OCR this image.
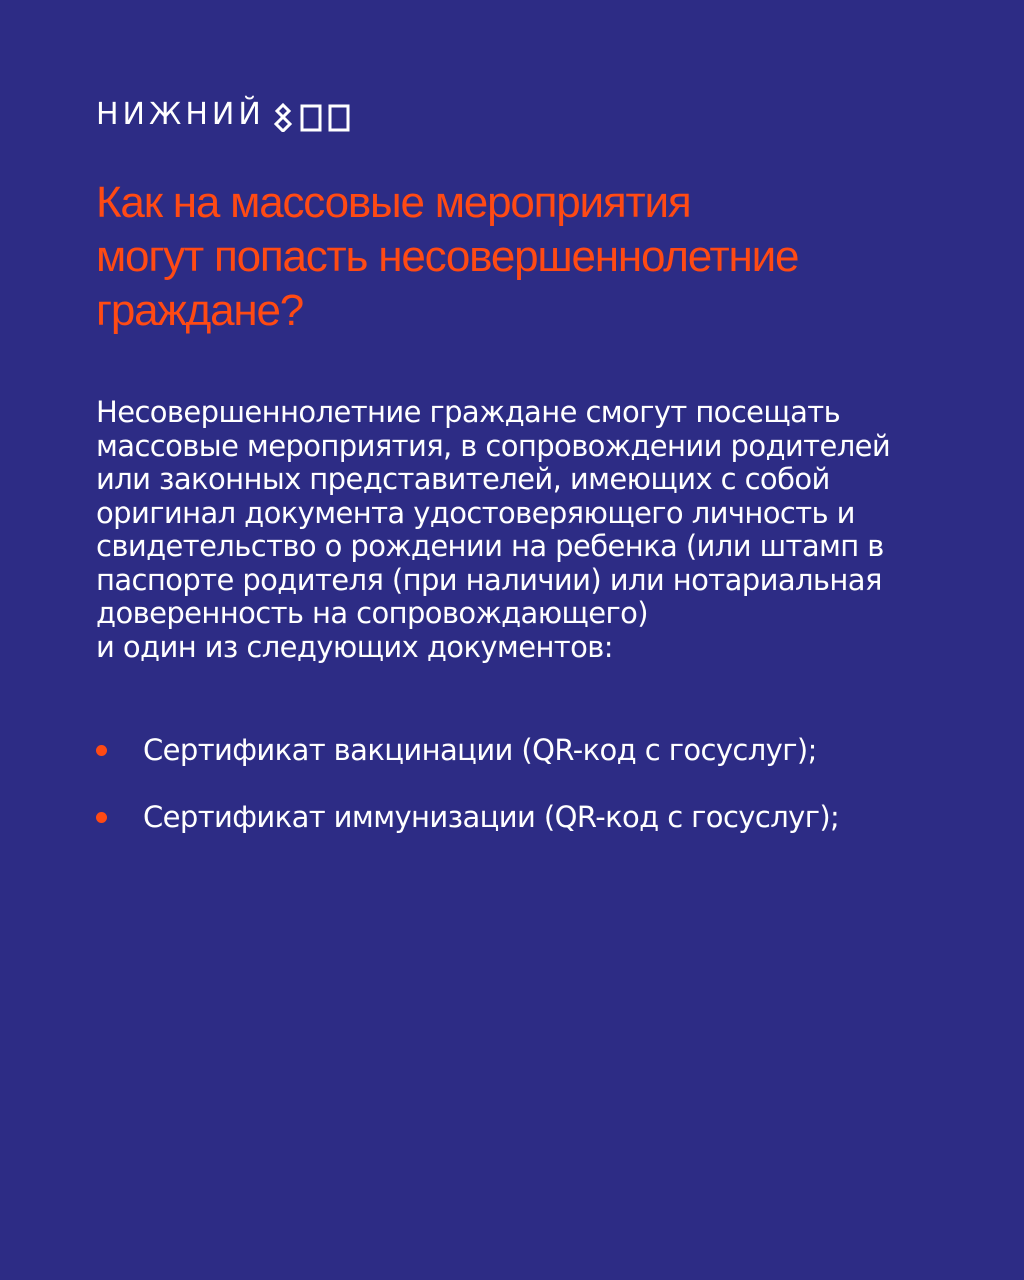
НИЖНИЙ
Как на массовые мероприятия
могут попасть несовершеннолетние
граждане?
Несовершеннолетние граждане смогут посещать
массовые мероприятия, в сопровождении родителей
или законных представителей, имеющих с собой
оригинал документа удостоверяющего личность и
свидетельство о рождении на ребенка (или штамп в
паспорте родителя (при наличии) или нотариальная
доверенность на сопровождающего)
и один из следующих документов:
Сертификат вакцинации (QR-код с госуслуг);
Сертификат иммунизации (QR-код с госуслуг);
